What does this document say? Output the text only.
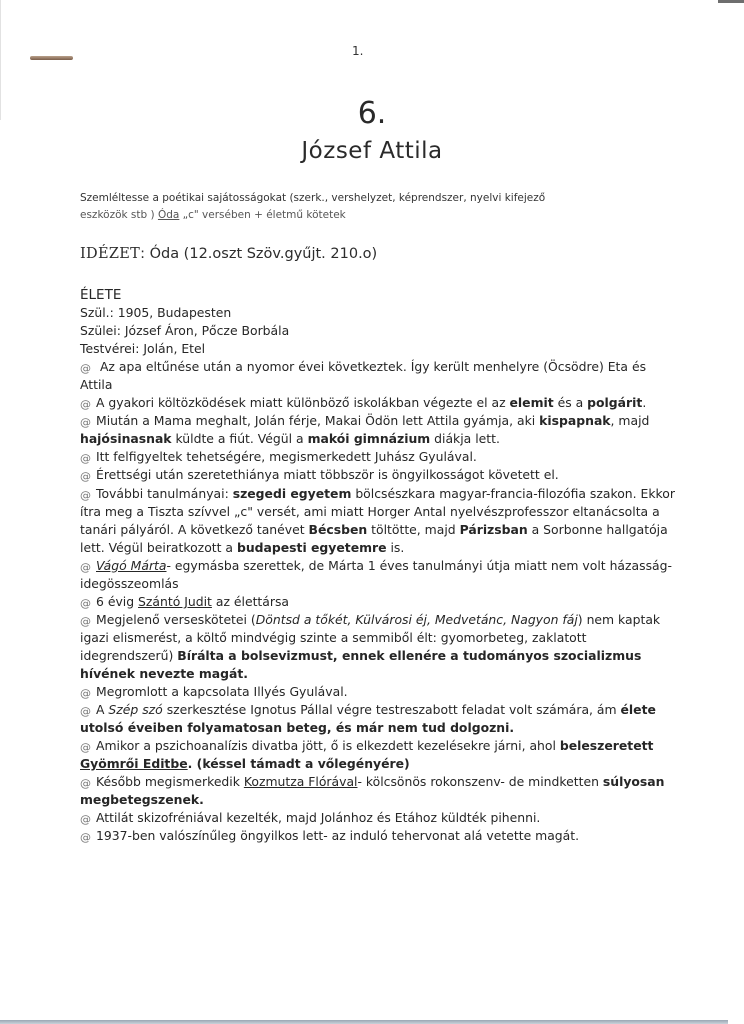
1.
6.
József Attila
Szemléltesse a poétikai sajátosságokat (szerk., vershelyzet, képrendszer, nyelvi kifejező
eszközök stb ) Óda „c" versében + életmű kötetek
IDÉZET: Óda (12.oszt Szöv.gyűjt. 210.o)
ÉLETE
Szül.: 1905, Budapesten
Szülei: József Áron, Pőcze Borbála
Testvérei: Jolán, Etel

@ Az apa eltűnése után a nyomor évei következtek. Így került menhelyre (Öcsödre) Eta és Attila

@ A gyakori költözködések miatt különböző iskolákban végezte el az elemit és a polgárit.

@ Miután a Mama meghalt, Jolán férje, Makai Ödön lett Attila gyámja, aki kispapnak, majd hajósinasnak küldte a fiút. Végül a makói gimnázium diákja lett.

@ Itt felfigyeltek tehetségére, megismerkedett Juhász Gyulával.

@ Érettségi után szeretethiánya miatt többször is öngyilkosságot követett el.

@ További tanulmányai: szegedi egyetem bölcsészkara magyar-francia-filozófia szakon. Ekkor ítra meg a Tiszta szívvel „c" versét, ami miatt Horger Antal nyelvészprofesszor eltanácsolta a tanári pályáról. A következő tanévet Bécsben töltötte, majd Párizsban a Sorbonne hallgatója lett. Végül beiratkozott a budapesti egyetemre is.

@ Vágó Márta- egymásba szerettek, de Márta 1 éves tanulmányi útja miatt nem volt házasság- idegösszeomlás

@ 6 évig Szántó Judit az élettársa

@ Megjelenő verseskötetei (Döntsd a tőkét, Külvárosi éj, Medvetánc, Nagyon fáj) nem kaptak igazi elismerést, a költő mindvégig szinte a semmiből élt: gyomorbeteg, zaklatott idegrendszerű) Bírálta a bolsevizmust, ennek ellenére a tudományos szocializmus hívének nevezte magát.

@ Megromlott a kapcsolata Illyés Gyulával.

@ A Szép szó szerkesztése Ignotus Pállal végre testreszabott feladat volt számára, ám élete utolsó éveiben folyamatosan beteg, és már nem tud dolgozni.

@ Amikor a pszichoanalízis divatba jött, ő is elkezdett kezelésekre járni, ahol beleszeretett Gyömrői Editbe. (késsel támadt a vőlegényére)

@ Később megismerkedik Kozmutza Flórával- kölcsönös rokonszenv- de mindketten súlyosan megbetegszenek.

@ Attilát skizofréniával kezelték, majd Jolánhoz és Etához küldték pihenni.

@ 1937-ben valószínűleg öngyilkos lett- az induló tehervonat alá vetette magát.
